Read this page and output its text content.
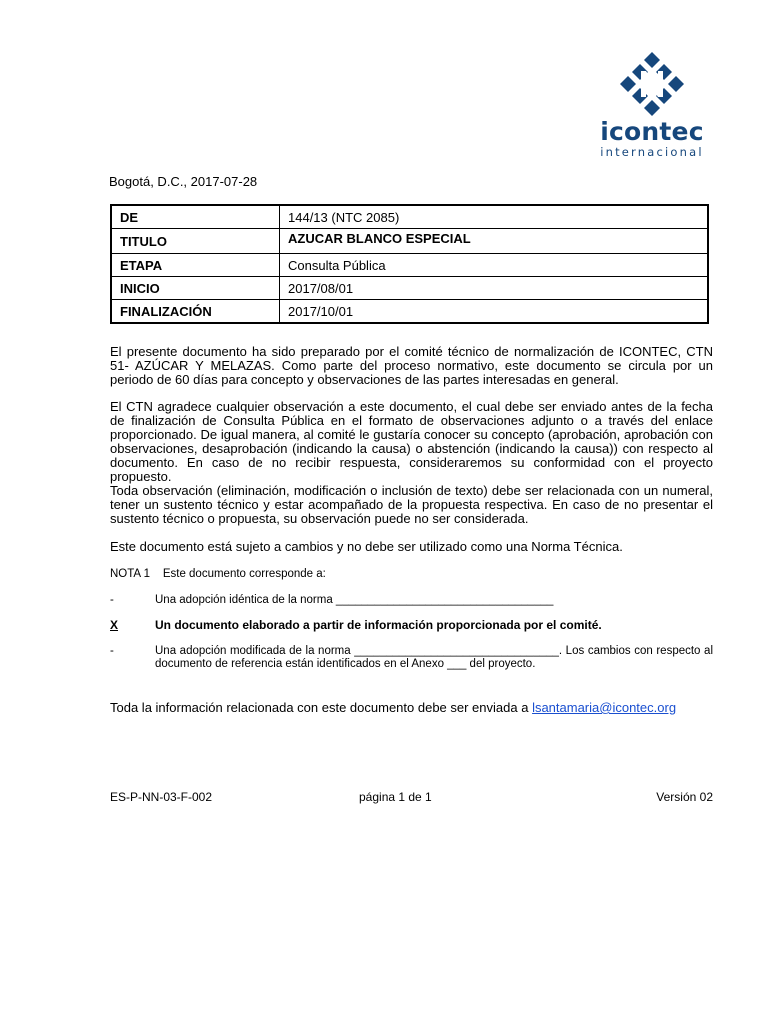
icontec
internacional
Bogotá, D.C., 2017-07-28
DE	144/13 (NTC 2085)
TITULO	AZUCAR BLANCO ESPECIAL
ETAPA	Consulta Pública
INICIO	2017/08/01
FINALIZACIÓN	2017/10/01
El presente documento ha sido preparado por el comité técnico de normalización de ICONTEC, CTN 51- AZÚCAR Y MELAZAS. Como parte del proceso normativo, este documento se circula por un periodo de 60 días para concepto y observaciones de las partes interesadas en general.
El CTN agradece cualquier observación a este documento, el cual debe ser enviado antes de la fecha de finalización de Consulta Pública en el formato de observaciones adjunto o a través del enlace proporcionado. De igual manera, al comité le gustaría conocer su concepto (aprobación, aprobación con observaciones, desaprobación (indicando la causa) o abstención (indicando la causa)) con respecto al documento. En caso de no recibir respuesta, consideraremos su conformidad con el proyecto propuesto.
Toda observación (eliminación, modificación o inclusión de texto) debe ser relacionada con un numeral, tener un sustento técnico y estar acompañado de la propuesta respectiva. En caso de no presentar el sustento técnico o propuesta, su observación puede no ser considerada.
Este documento está sujeto a cambios y no debe ser utilizado como una Norma Técnica.
NOTA 1    Este documento corresponde a:
-	Una adopción idéntica de la norma __________________________________
X	Un documento elaborado a partir de información proporcionada por el comité.
-	Una adopción modificada de la norma ________________________________. Los cambios con respecto al documento de referencia están identificados en el Anexo ___ del proyecto.
Toda la información relacionada con este documento debe ser enviada a lsantamaria@icontec.org
ES-P-NN-03-F-002	página 1 de 1	Versión 02
